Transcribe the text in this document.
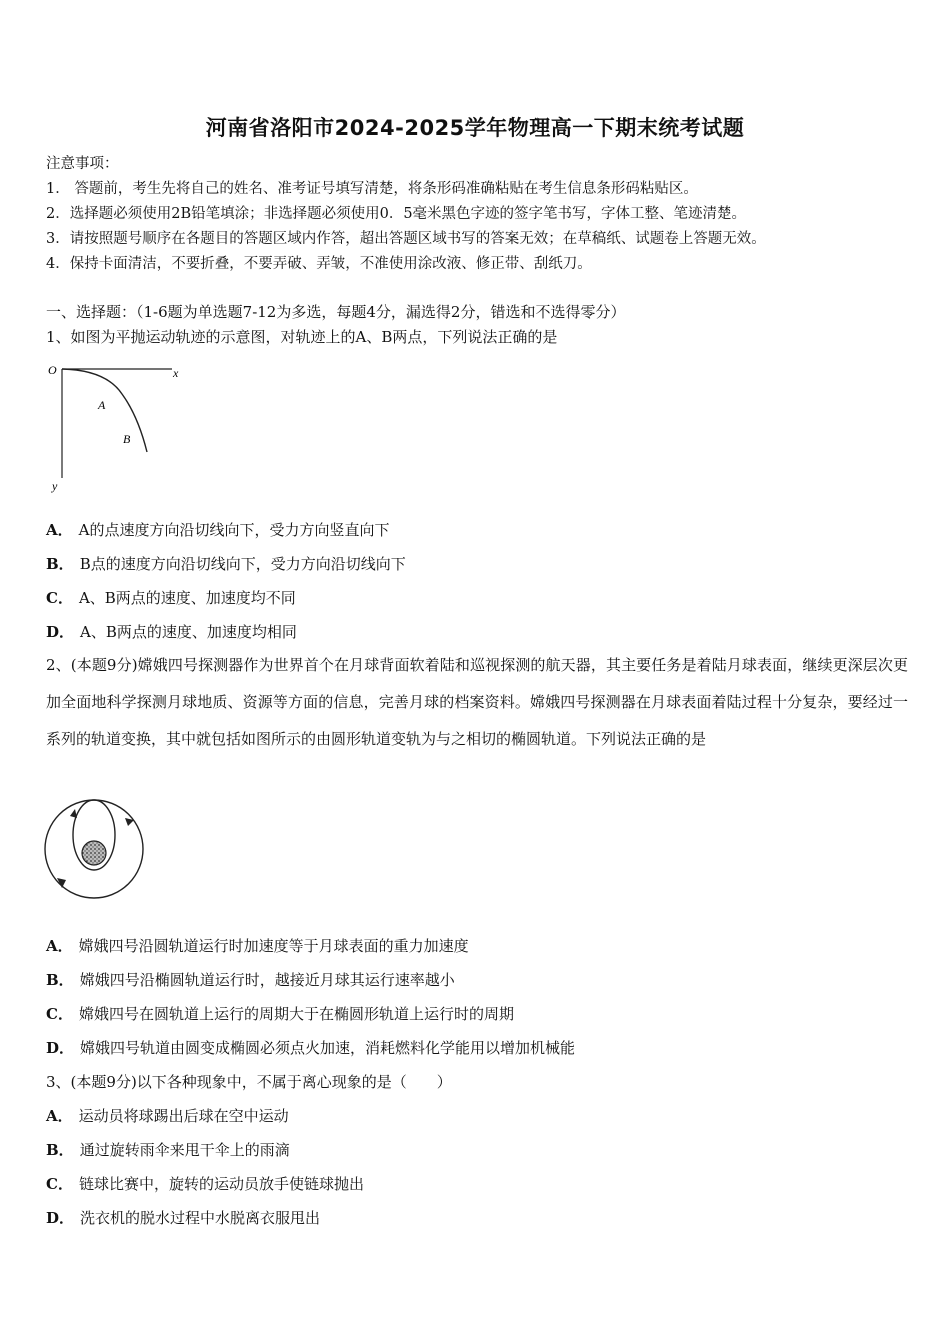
河南省洛阳市2024-2025学年物理高一下期末统考试题
注意事项：
1． 答题前，考生先将自己的姓名、准考证号填写清楚，将条形码准确粘贴在考生信息条形码粘贴区。
2．选择题必须使用2B铅笔填涂；非选择题必须使用0．5毫米黑色字迹的签字笔书写，字体工整、笔迹清楚。
3．请按照题号顺序在各题目的答题区域内作答，超出答题区域书写的答案无效；在草稿纸、试题卷上答题无效。
4．保持卡面清洁，不要折叠，不要弄破、弄皱，不准使用涂改液、修正带、刮纸刀。
一、选择题：（1-6题为单选题7-12为多选，每题4分，漏选得2分，错选和不选得零分）
1、如图为平抛运动轨迹的示意图，对轨迹上的A、B两点，下列说法正确的是
O	x
y
A
B
A． A的点速度方向沿切线向下，受力方向竖直向下
B． B点的速度方向沿切线向下，受力方向沿切线向下
C． A、B两点的速度、加速度均不同
D． A、B两点的速度、加速度均相同
2、(本题9分)嫦娥四号探测器作为世界首个在月球背面软着陆和巡视探测的航天器，其主要任务是着陆月球表面，继续更深层次更加全面地科学探测月球地质、资源等方面的信息，完善月球的档案资料。嫦娥四号探测器在月球表面着陆过程十分复杂，要经过一系列的轨道变换，其中就包括如图所示的由圆形轨道变轨为与之相切的椭圆轨道。下列说法正确的是
A． 嫦娥四号沿圆轨道运行时加速度等于月球表面的重力加速度
B． 嫦娥四号沿椭圆轨道运行时，越接近月球其运行速率越小
C． 嫦娥四号在圆轨道上运行的周期大于在椭圆形轨道上运行时的周期
D． 嫦娥四号轨道由圆变成椭圆必须点火加速，消耗燃料化学能用以增加机械能
3、(本题9分)以下各种现象中，不属于离心现象的是（　　）
A． 运动员将球踢出后球在空中运动
B． 通过旋转雨伞来甩干伞上的雨滴
C． 链球比赛中，旋转的运动员放手使链球抛出
D． 洗衣机的脱水过程中水脱离衣服甩出
